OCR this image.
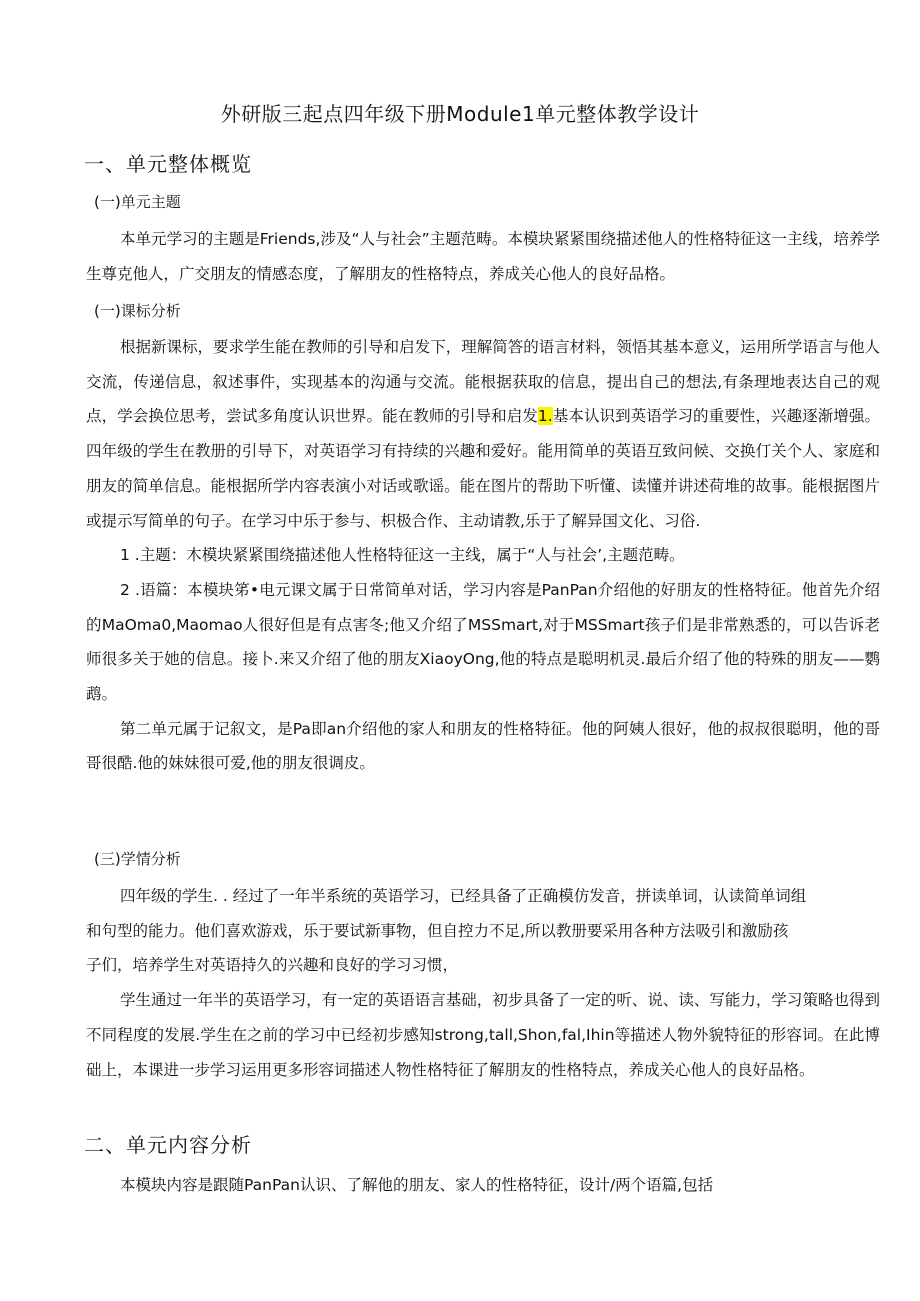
外研版三起点四年级下册Module1单元整体教学设计
一、单元整体概览
(一)单元主题

本单元学习的主题是Friends,涉及“人与社会”主题范畴。本模块紧紧围绕描述他人的性格特征这一主线，培养学生尊克他人，广交朋友的情感态度，了解朋友的性格特点，养成关心他人的良好品格。

(一)课标分析

根据新课标，要求学生能在教师的引导和启发下，理解简答的语言材料，领悟其基本意义，运用所学语言与他人交流，传递信息，叙述事件，实现基本的沟通与交流。能根据获取的信息，提出自己的想法,有条理地表达自己的观点，学会换位思考，尝试多角度认识世界。能在教师的引导和启发1.基本认识到英语学习的重要性，兴趣逐渐增强。四年级的学生在教册的引导下，对英语学习有持续的兴趣和爱好。能用简单的英语互致问候、交换仃关个人、家庭和朋友的简单信息。能根据所学内容表演小对话或歌谣。能在图片的帮助下听懂、读懂并讲述荷堆的故事。能根据图片或提示写简单的句子。在学习中乐于参与、枳极合作、主动请教,乐于了解异国文化、习俗.

1 .主题：木模块紧紧围绕描述他人性格特征这一主线，属于“人与社会’,主题范畴。

2 .语篇：本模块笫•电元课文属于日常简单对话，学习内容是PanPan介绍他的好朋友的性格特征。他首先介绍的MaOma0,Maomao人很好但是有点害冬;他又介绍了MSSmart,对于MSSmart孩子们是非常熟悉的，可以告诉老师很多关于她的信息。接卜.来又介绍了他的朋友XiaoyOng,他的特点是聪明机灵.最后介绍了他的特殊的朋友——鹦鹉。

第二单元属于记叙文，是Pa即an介绍他的家人和朋友的性格特征。他的阿姨人很好，他的叔叔很聪明，他的哥哥很酷.他的妹妹很可爱,他的朋友很调皮。

(三)学情分析

四年级的学生. . 经过了一年半系统的英语学习，已经具备了正确模仿发音，拼读单词，认读简单词组

和句型的能力。他们喜欢游戏，乐于要试新事物，但自控力不足,所以教册要采用各种方法吸引和激励孩

子们，培养学生对英语持久的兴趣和良好的学习习惯，

学生通过一年半的英语学习，有一定的英语语言基础，初步具备了一定的听、说、读、写能力，学习策略也得到不同程度的发展.学生在之前的学习中已经初步感知strong,tall,Shon,fal,Ihin等描述人物外貌特征的形容词。在此博础上，本课进一步学习运用更多形容词描述人物性格特征了解朋友的性格特点，养成关心他人的良好品格。

二、单元内容分析

本模块内容是跟随PanPan认识、了解他的朋友、家人的性格特征，设计/两个语篇,包括
